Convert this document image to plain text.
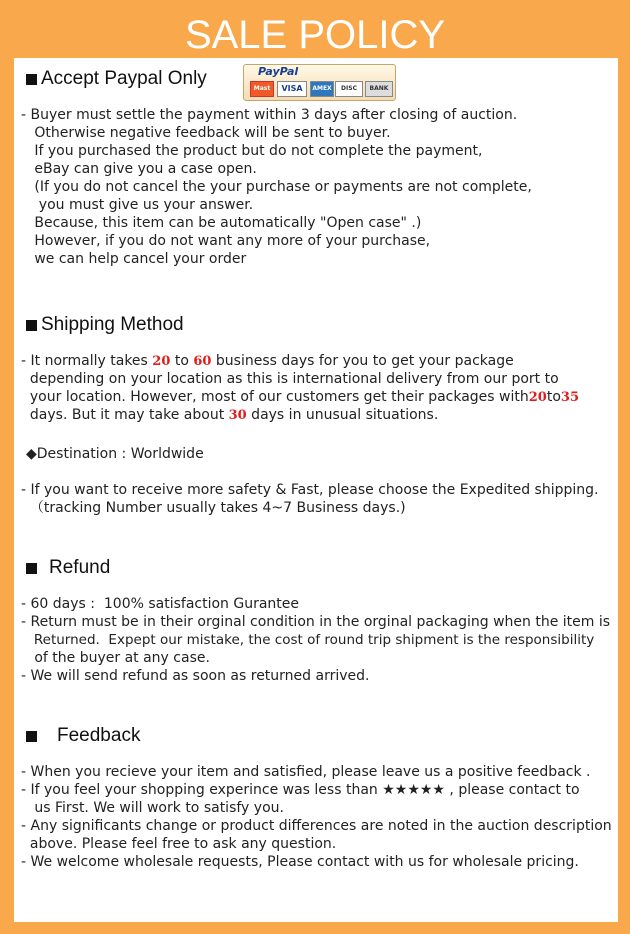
SALE POLICY
Accept Paypal Only	PayPal
Mast	VISA	AMEX	DISC	BANK
- Buyer must settle the payment within 3 days after closing of auction.
Otherwise negative feedback will be sent to buyer.
If you purchased the product but do not complete the payment,
eBay can give you a case open.
(If you do not cancel the your purchase or payments are not complete,
you must give us your answer.
Because, this item can be automatically "Open case" .)
However, if you do not want any more of your purchase,
we can help cancel your order
Shipping Method
- It normally takes 20 to 60 business days for you to get your package
depending on your location as this is international delivery from our port to
your location. However, most of our customers get their packages with20to35
days. But it may take about 30 days in unusual situations.
◆Destination : Worldwide
- If you want to receive more safety & Fast, please choose the Expedited shipping.
（tracking Number usually takes 4~7 Business days.)
Refund
- 60 days :  100% satisfaction Gurantee
- Return must be in their orginal condition in the orginal packaging when the item is
Returned.  Expept our mistake, the cost of round trip shipment is the responsibility
of the buyer at any case.
- We will send refund as soon as returned arrived.
Feedback
- When you recieve your item and satisfied, please leave us a positive feedback .
- If you feel your shopping experince was less than ★★★★★ , please contact to
us First. We will work to satisfy you.
- Any significants change or product differences are noted in the auction description
above. Please feel free to ask any question.
- We welcome wholesale requests, Please contact with us for wholesale pricing.
